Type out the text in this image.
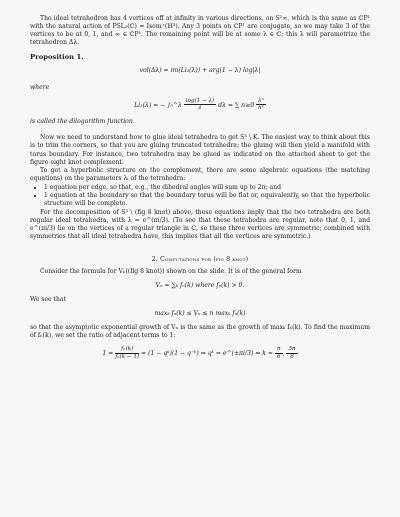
The ideal tetrahedron has 4 vertices off at infinity in various directions, on S²∞, which is the same as ℂP¹ with the natural action of PSL₂(ℂ) ≃ Isom⁺(ℍ³). Any 3 points on ℂP¹ are conjugate, so we may take 3 of the vertices to be at 0, 1, and ∞ ∈ ℂP¹. The remaining point will be at some λ ∈ ℂ; this λ will parametrize the tetrahedron Δλ.

Proposition 1.

vol(Δλ) = im(Li₂(λ)) + arg(1 − λ) log|λ|

where

Li₂(λ) = − ∫₀^λ $\frac{\log(1 - \lambda)}{\lambda}$ dλ = ∑ $n\ge 0 \frac{\text{λⁿ}}{\text{n²}}$

is called the dilogarithm function.

Now we need to understand how to glue ideal tetrahedra to get S³ \ K. The easiest way to think about this is to trim the corners, so that you are gluing truncated tetrahedra; the gluing will then yield a manifold with torus boundary. For instance, two tetrahedra may be glued as indicated on the attached sheet to get the figure eight knot complement.

To get a hyperbolic structure on the complement, there are some algebraic equations (the matching equations) on the parameters λᵢ of the tetrahedra:

• 1 equation per edge, so that, e.g., the dihedral angles will sum up to 2π; and
• 1 equation at the boundary so that the boundary torus will be flat or, equivalently, so that the hyperbolic structure will be complete.

For the decomposition of S³ \ (fig 8 knot) above, these equations imply that the two tetrahedra are both regular ideal tetrahedra, with λ = e^(πi/3). (To see that these tetrahedra are regular, note that 0, 1, and e^(πi/3) lie on the vertices of a regular triangle in ℂ, so these three vertices are symmetric; combined with symmetries that all ideal tetrahedra have, this implies that all the vertices are symmetric.)

2. Computations for (fig 8 knot)

Consider the formula for Vₙ((fig 8 knot)) shown on the slide. It is of the general form

Vₙ = ∑ₖ fₙ(k) where fₙ(k) > 0.

We see that

maxₖ fₙ(k) ≤ Vₙ ≤ n maxₖ fₙ(k)

so that the asymptotic exponential growth of Vₙ is the same as the growth of maxₖ fₙ(k). To find the maximum of fₙ(k), we set the ratio of adjacent terms to 1:

$1 = \frac{\text{fₙ(k)}}{\text{fₙ(k − 1)}} = (1$ − qᵏ)(1 − q⁻ᵏ) ⇒ qᵏ = e^(±πi/3) ⇔ $k \approx \frac{n}{6}$ , $\frac{5n}{6}$
